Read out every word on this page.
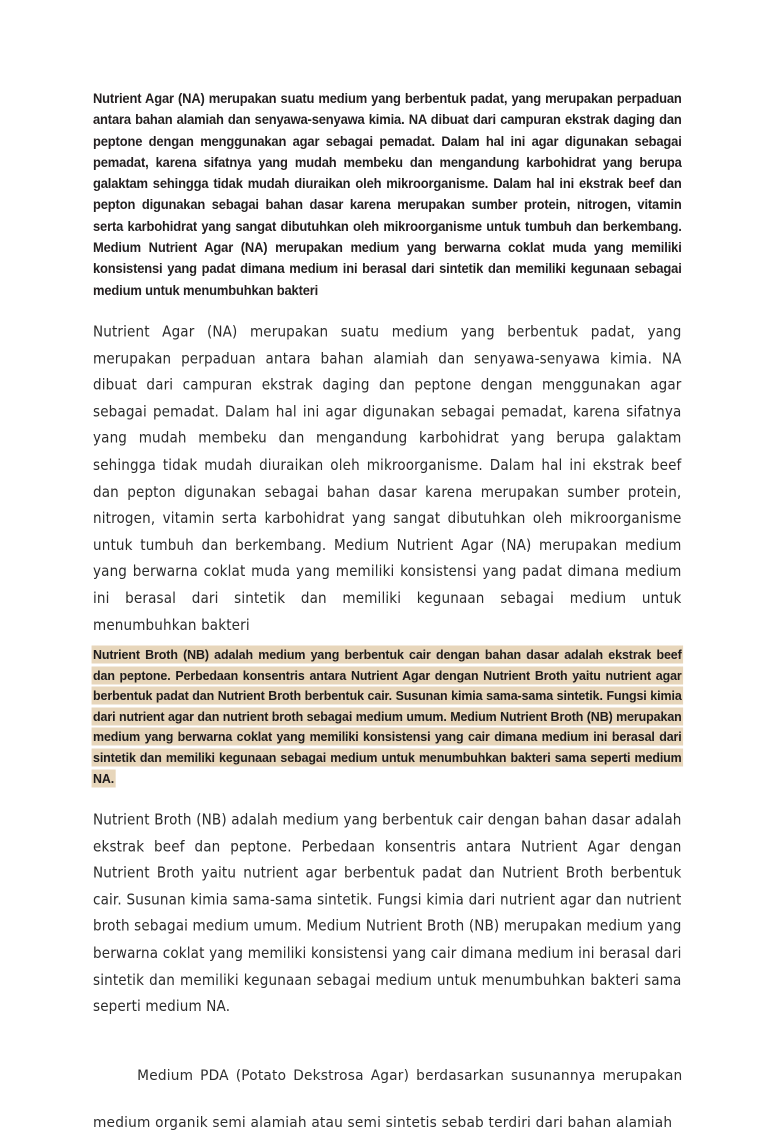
Nutrient Agar (NA) merupakan suatu medium yang berbentuk padat, yang merupakan perpaduan antara bahan alamiah dan senyawa-senyawa kimia. NA dibuat dari campuran ekstrak daging dan peptone dengan menggunakan agar sebagai pemadat. Dalam hal ini agar digunakan sebagai pemadat, karena sifatnya yang mudah membeku dan mengandung karbohidrat yang berupa galaktam sehingga tidak mudah diuraikan oleh mikroorganisme. Dalam hal ini ekstrak beef dan pepton digunakan sebagai bahan dasar karena merupakan sumber protein, nitrogen, vitamin serta karbohidrat yang sangat dibutuhkan oleh mikroorganisme untuk tumbuh dan berkembang. Medium Nutrient Agar (NA) merupakan medium yang berwarna coklat muda yang memiliki konsistensi yang padat dimana medium ini berasal dari sintetik dan memiliki kegunaan sebagai medium untuk menumbuhkan bakteri

Nutrient Agar (NA) merupakan suatu medium yang berbentuk padat, yang merupakan perpaduan antara bahan alamiah dan senyawa-senyawa kimia. NA dibuat dari campuran ekstrak daging dan peptone dengan menggunakan agar sebagai pemadat. Dalam hal ini agar digunakan sebagai pemadat, karena sifatnya yang mudah membeku dan mengandung karbohidrat yang berupa galaktam sehingga tidak mudah diuraikan oleh mikroorganisme. Dalam hal ini ekstrak beef dan pepton digunakan sebagai bahan dasar karena merupakan sumber protein, nitrogen, vitamin serta karbohidrat yang sangat dibutuhkan oleh mikroorganisme untuk tumbuh dan berkembang. Medium Nutrient Agar (NA) merupakan medium yang berwarna coklat muda yang memiliki konsistensi yang padat dimana medium ini berasal dari sintetik dan memiliki kegunaan sebagai medium untuk menumbuhkan bakteri

Nutrient Broth (NB) adalah medium yang berbentuk cair dengan bahan dasar adalah ekstrak beef dan peptone. Perbedaan konsentris antara Nutrient Agar dengan Nutrient Broth yaitu nutrient agar berbentuk padat dan Nutrient Broth berbentuk cair. Susunan kimia sama-sama sintetik. Fungsi kimia dari nutrient agar dan nutrient broth sebagai medium umum. Medium Nutrient Broth (NB) merupakan medium yang berwarna coklat yang memiliki konsistensi yang cair dimana medium ini berasal dari sintetik dan memiliki kegunaan sebagai medium untuk menumbuhkan bakteri sama seperti medium NA.

Nutrient Broth (NB) adalah medium yang berbentuk cair dengan bahan dasar adalah ekstrak beef dan peptone. Perbedaan konsentris antara Nutrient Agar dengan Nutrient Broth yaitu nutrient agar berbentuk padat dan Nutrient Broth berbentuk cair. Susunan kimia sama-sama sintetik. Fungsi kimia dari nutrient agar dan nutrient broth sebagai medium umum. Medium Nutrient Broth (NB) merupakan medium yang berwarna coklat yang memiliki konsistensi yang cair dimana medium ini berasal dari sintetik dan memiliki kegunaan sebagai medium untuk menumbuhkan bakteri sama seperti medium NA.

Medium PDA (Potato Dekstrosa Agar) berdasarkan susunannya merupakan medium organik semi alamiah atau semi sintetis sebab terdiri dari bahan alamiah
